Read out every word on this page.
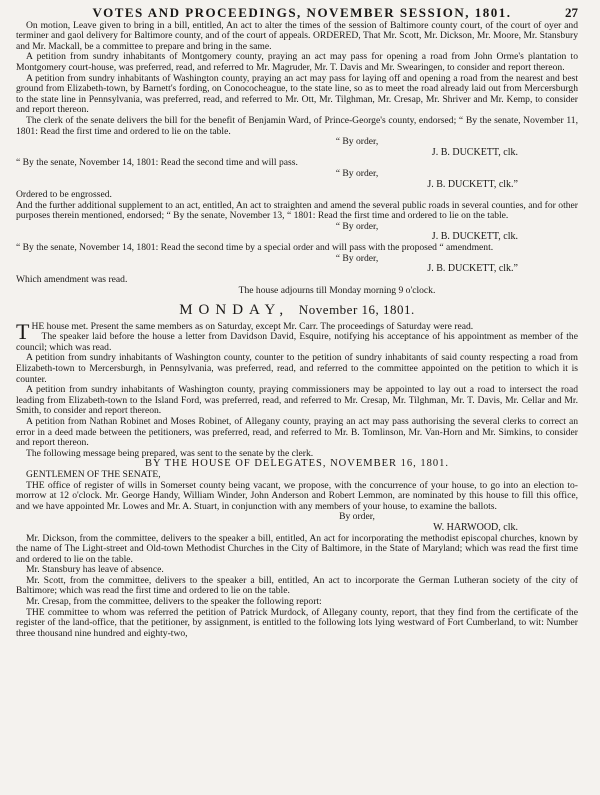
VOTES AND PROCEEDINGS, NOVEMBER SESSION, 1801.	27

On motion, Leave given to bring in a bill, entitled, An act to alter the times of the session of Baltimore county court, of the court of oyer and terminer and gaol delivery for Baltimore county, and of the court of appeals. ORDERED, That Mr. Scott, Mr. Dickson, Mr. Moore, Mr. Stansbury and Mr. Mackall, be a committee to prepare and bring in the same.

A petition from sundry inhabitants of Montgomery county, praying an act may pass for opening a road from John Orme's plantation to Montgomery court-house, was preferred, read, and referred to Mr. Magruder, Mr. T. Davis and Mr. Swearingen, to consider and report thereon.

A petition from sundry inhabitants of Washington county, praying an act may pass for laying off and opening a road from the nearest and best ground from Elizabeth-town, by Barnett's fording, on Conococheague, to the state line, so as to meet the road already laid out from Mercersburgh to the state line in Pennsylvania, was preferred, read, and referred to Mr. Ott, Mr. Tilghman, Mr. Cresap, Mr. Shriver and Mr. Kemp, to consider and report thereon.

The clerk of the senate delivers the bill for the benefit of Benjamin Ward, of Prince-George's county, endorsed; “ By the senate, November 11, 1801: Read the first time and ordered to lie on the table.

“ By order,

J. B. DUCKETT, clk.

“ By the senate, November 14, 1801: Read the second time and will pass.

“ By order,

J. B. DUCKETT, clk.”

Ordered to be engrossed.

And the further additional supplement to an act, entitled, An act to straighten and amend the several public roads in several counties, and for other purposes therein mentioned, endorsed; “ By the senate, November 13, “ 1801: Read the first time and ordered to lie on the table.

“ By order,

J. B. DUCKETT, clk.

“ By the senate, November 14, 1801: Read the second time by a special order and will pass with the proposed “ amendment.

“ By order,

J. B. DUCKETT, clk.”

Which amendment was read.

The house adjourns till Monday morning 9 o'clock.

MONDAY, November 16, 1801.

THE house met. Present the same members as on Saturday, except Mr. Carr. The proceedings of Saturday were read.

The speaker laid before the house a letter from Davidson David, Esquire, notifying his acceptance of his appointment as member of the council; which was read.

A petition from sundry inhabitants of Washington county, counter to the petition of sundry inhabitants of said county respecting a road from Elizabeth-town to Mercersburgh, in Pennsylvania, was preferred, read, and referred to the committee appointed on the petition to which it is counter.

A petition from sundry inhabitants of Washington county, praying commissioners may be appointed to lay out a road to intersect the road leading from Elizabeth-town to the Island Ford, was preferred, read, and referred to Mr. Cresap, Mr. Tilghman, Mr. T. Davis, Mr. Cellar and Mr. Smith, to consider and report thereon.

A petition from Nathan Robinet and Moses Robinet, of Allegany county, praying an act may pass authorising the several clerks to correct an error in a deed made between the petitioners, was preferred, read, and referred to Mr. B. Tomlinson, Mr. Van-Horn and Mr. Simkins, to consider and report thereon.

The following message being prepared, was sent to the senate by the clerk.

BY THE HOUSE OF DELEGATES, NOVEMBER 16, 1801.

GENTLEMEN OF THE SENATE,

THE office of register of wills in Somerset county being vacant, we propose, with the concurrence of your house, to go into an election to-morrow at 12 o'clock. Mr. George Handy, William Winder, John Anderson and Robert Lemmon, are nominated by this house to fill this office, and we have appointed Mr. Lowes and Mr. A. Stuart, in conjunction with any members of your house, to examine the ballots.

By order,

W. HARWOOD, clk.

Mr. Dickson, from the committee, delivers to the speaker a bill, entitled, An act for incorporating the methodist episcopal churches, known by the name of The Light-street and Old-town Methodist Churches in the City of Baltimore, in the State of Maryland; which was read the first time and ordered to lie on the table.

Mr. Stansbury has leave of absence.

Mr. Scott, from the committee, delivers to the speaker a bill, entitled, An act to incorporate the German Lutheran society of the city of Baltimore; which was read the first time and ordered to lie on the table.

Mr. Cresap, from the committee, delivers to the speaker the following report:

THE committee to whom was referred the petition of Patrick Murdock, of Allegany county, report, that they find from the certificate of the register of the land-office, that the petitioner, by assignment, is entitled to the following lots lying westward of Fort Cumberland, to wit: Number three thousand nine hundred and eighty-two,
